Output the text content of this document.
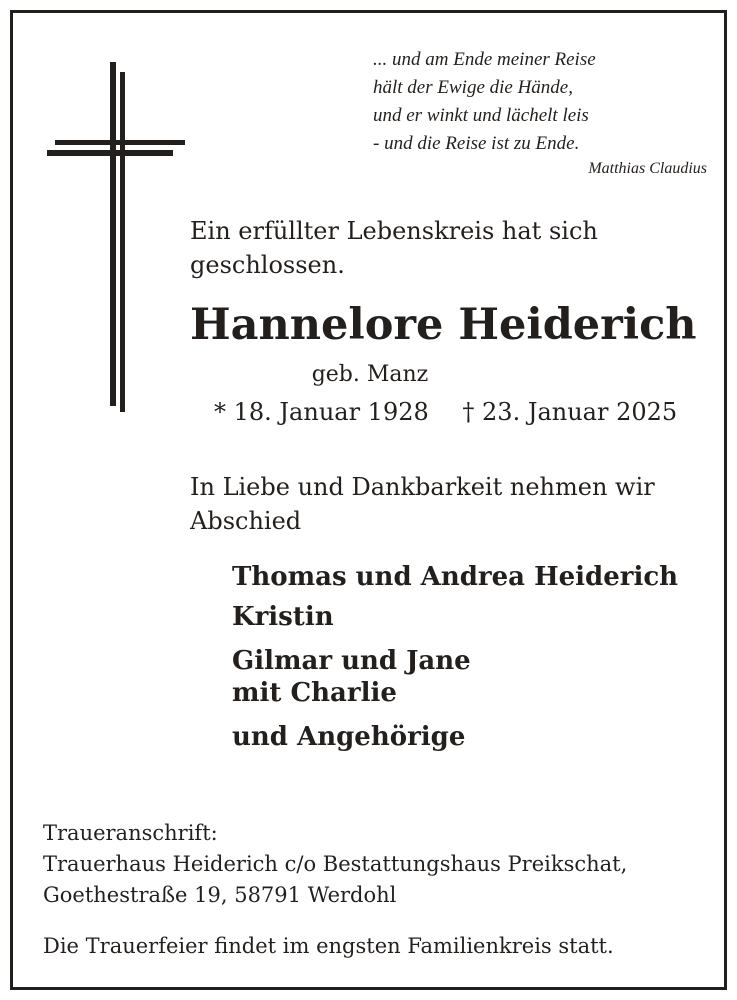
... und am Ende meiner Reise
hält der Ewige die Hände,
und er winkt und lächelt leis
- und die Reise ist zu Ende.
Matthias Claudius
Ein erfüllter Lebenskreis hat sich
geschlossen.
Hannelore Heiderich
geb. Manz
* 18. Januar 1928 † 23. Januar 2025
In Liebe und Dankbarkeit nehmen wir
Abschied
Thomas und Andrea Heiderich
Kristin
Gilmar und Jane
mit Charlie
und Angehörige
Traueranschrift:
Trauerhaus Heiderich c/o Bestattungshaus Preikschat,
Goethestraße 19, 58791 Werdohl
Die Trauerfeier findet im engsten Familienkreis statt.
